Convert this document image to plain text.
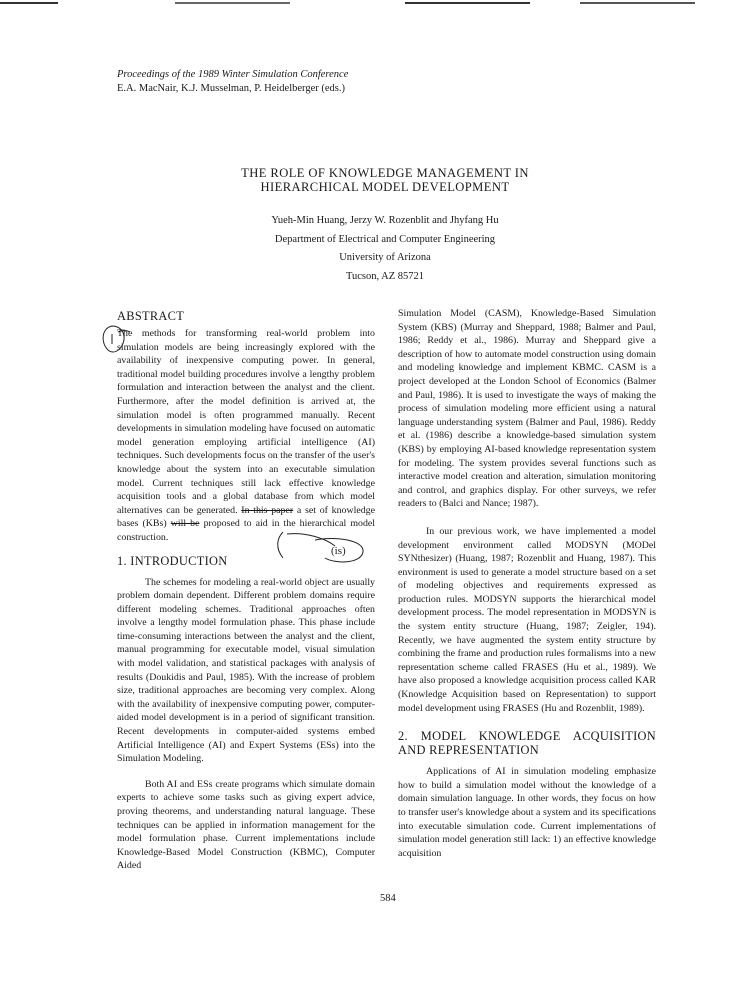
Proceedings of the 1989 Winter Simulation Conference
E.A. MacNair, K.J. Musselman, P. Heidelberger (eds.)
THE ROLE OF KNOWLEDGE MANAGEMENT IN
HIERARCHICAL MODEL DEVELOPMENT
Yueh-Min Huang, Jerzy W. Rozenblit and Jhyfang Hu
Department of Electrical and Computer Engineering
University of Arizona
Tucson, AZ 85721
ABSTRACT

The methods for transforming real-world problem into simulation models are being increasingly explored with the availability of inexpensive computing power. In general, traditional model building procedures involve a lengthy problem formulation and interaction between the analyst and the client. Furthermore, after the model definition is arrived at, the simulation model is often programmed manually. Recent developments in simulation modeling have focused on automatic model generation employing artificial intelligence (AI) techniques. Such developments focus on the transfer of the user's knowledge about the system into an executable simulation model. Current techniques still lack effective knowledge acquisition tools and a global database from which model alternatives can be generated. In this paper a set of knowledge bases (KBs) will be proposed to aid in the hierarchical model construction.

1. INTRODUCTION

The schemes for modeling a real-world object are usually problem domain dependent. Different problem domains require different modeling schemes. Traditional approaches often involve a lengthy model formulation phase. This phase include time-consuming interactions between the analyst and the client, manual programming for executable model, visual simulation with model validation, and statistical packages with analysis of results (Doukidis and Paul, 1985). With the increase of problem size, traditional approaches are becoming very complex. Along with the availability of inexpensive computing power, computer-aided model development is in a period of significant transition. Recent developments in computer-aided systems embed Artificial Intelligence (AI) and Expert Systems (ESs) into the Simulation Modeling.

Both AI and ESs create programs which simulate domain experts to achieve some tasks such as giving expert advice, proving theorems, and understanding natural language. These techniques can be applied in information management for the model formulation phase. Current implementations include Knowledge-Based Model Construction (KBMC), Computer Aided

Simulation Model (CASM), Knowledge-Based Simulation System (KBS) (Murray and Sheppard, 1988; Balmer and Paul, 1986; Reddy et al., 1986). Murray and Sheppard give a description of how to automate model construction using domain and modeling knowledge and implement KBMC. CASM is a project developed at the London School of Economics (Balmer and Paul, 1986). It is used to investigate the ways of making the process of simulation modeling more efficient using a natural language understanding system (Balmer and Paul, 1986). Reddy et al. (1986) describe a knowledge-based simulation system (KBS) by employing AI-based knowledge representation system for modeling. The system provides several functions such as interactive model creation and alteration, simulation monitoring and control, and graphics display. For other surveys, we refer readers to (Balci and Nance; 1987).

In our previous work, we have implemented a model development environment called MODSYN (MODel SYNthesizer) (Huang, 1987; Rozenblit and Huang, 1987). This environment is used to generate a model structure based on a set of modeling objectives and requirements expressed as production rules. MODSYN supports the hierarchical model development process. The model representation in MODSYN is the system entity structure (Huang, 1987; Zeigler, 194). Recently, we have augmented the system entity structure by combining the frame and production rules formalisms into a new representation scheme called FRASES (Hu et al., 1989). We have also proposed a knowledge acquisition process called KAR (Knowledge Acquisition based on Representation) to support model development using FRASES (Hu and Rozenblit, 1989).

2. MODEL KNOWLEDGE ACQUISITION AND REPRESENTATION

Applications of AI in simulation modeling emphasize how to build a simulation model without the knowledge of a domain simulation language. In other words, they focus on how to transfer user's knowledge about a system and its specifications into executable simulation code. Current implementations of simulation model generation still lack: 1) an effective knowledge acquisition

(is)
584
